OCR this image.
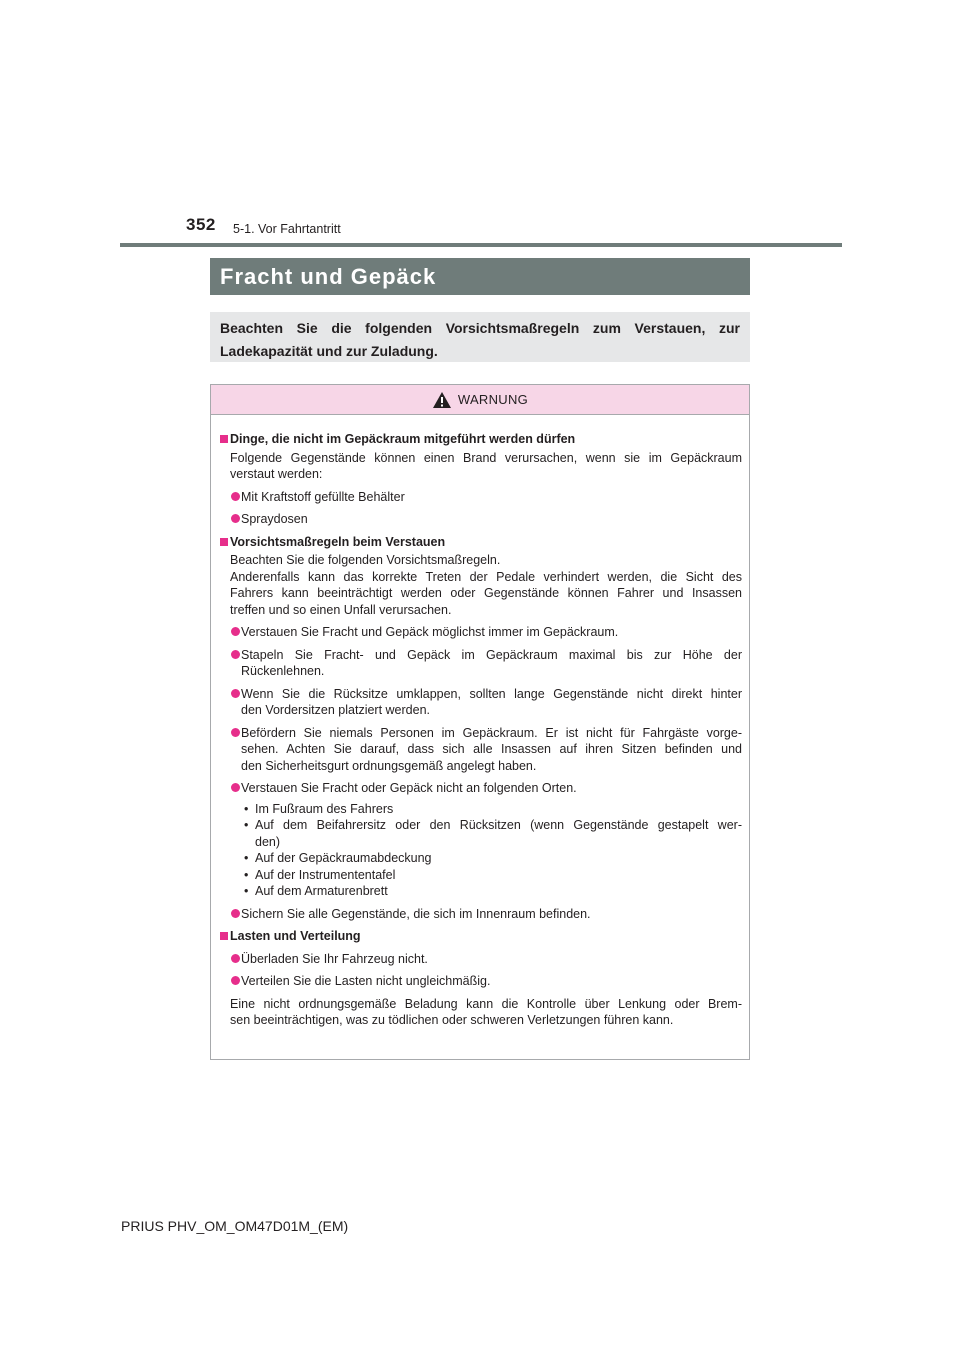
352 5-1. Vor Fahrtantritt
Fracht und Gepäck
Beachten Sie die folgenden Vorsichtsmaßregeln zum Verstauen, zur
Ladekapazität und zur Zuladung.
WARNUNG
Dinge, die nicht im Gepäckraum mitgeführt werden dürfen
Folgende Gegenstände können einen Brand verursachen, wenn sie im Gepäckraum
verstaut werden:
Mit Kraftstoff gefüllte Behälter
Spraydosen
Vorsichtsmaßregeln beim Verstauen
Beachten Sie die folgenden Vorsichtsmaßregeln.
Anderenfalls kann das korrekte Treten der Pedale verhindert werden, die Sicht des
Fahrers kann beeinträchtigt werden oder Gegenstände können Fahrer und Insassen
treffen und so einen Unfall verursachen.
Verstauen Sie Fracht und Gepäck möglichst immer im Gepäckraum.
Stapeln Sie Fracht- und Gepäck im Gepäckraum maximal bis zur Höhe der
Rückenlehnen.
Wenn Sie die Rücksitze umklappen, sollten lange Gegenstände nicht direkt hinter
den Vordersitzen platziert werden.
Befördern Sie niemals Personen im Gepäckraum. Er ist nicht für Fahrgäste vorge-
sehen. Achten Sie darauf, dass sich alle Insassen auf ihren Sitzen befinden und
den Sicherheitsgurt ordnungsgemäß angelegt haben.
Verstauen Sie Fracht oder Gepäck nicht an folgenden Orten.
• Im Fußraum des Fahrers
• Auf dem Beifahrersitz oder den Rücksitzen (wenn Gegenstände gestapelt wer-
den)
• Auf der Gepäckraumabdeckung
• Auf der Instrumententafel
• Auf dem Armaturenbrett
Sichern Sie alle Gegenstände, die sich im Innenraum befinden.
Lasten und Verteilung
Überladen Sie Ihr Fahrzeug nicht.
Verteilen Sie die Lasten nicht ungleichmäßig.
Eine nicht ordnungsgemäße Beladung kann die Kontrolle über Lenkung oder Brem-
sen beeinträchtigen, was zu tödlichen oder schweren Verletzungen führen kann.
PRIUS PHV_OM_OM47D01M_(EM)
